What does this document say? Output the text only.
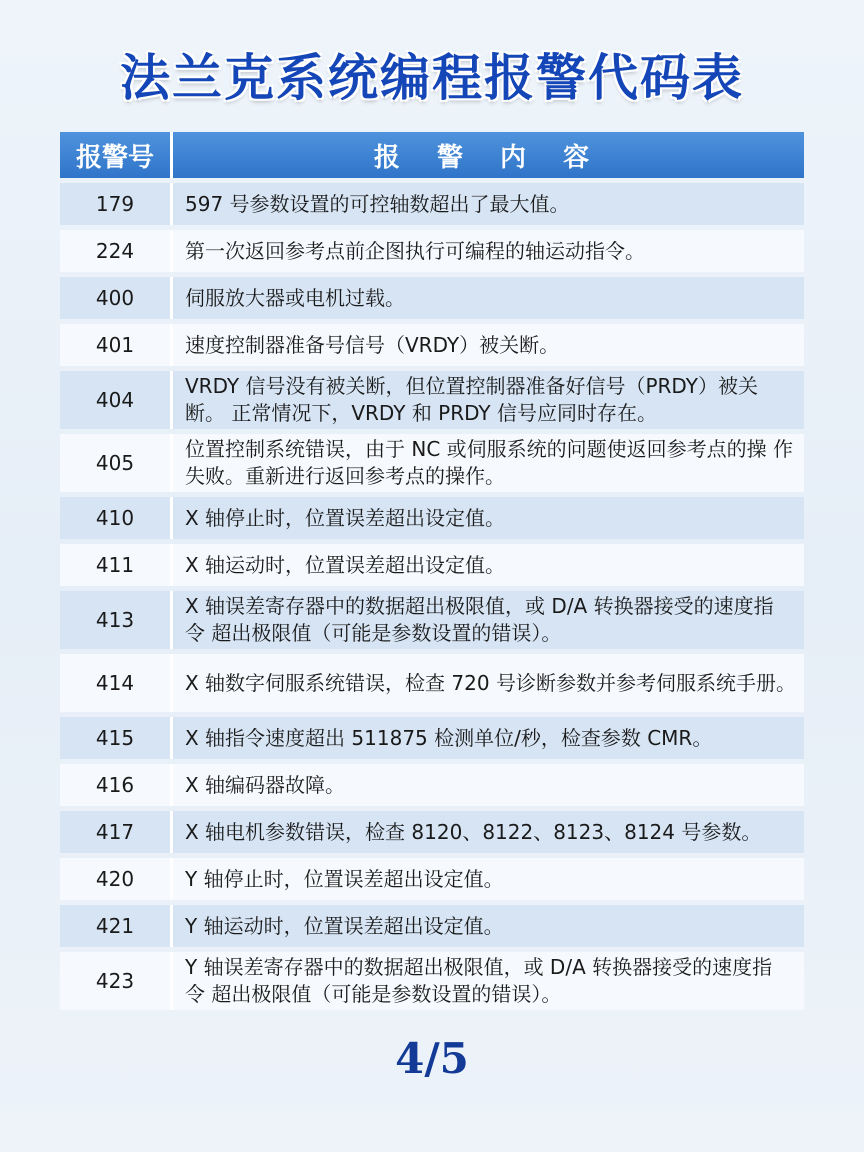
法兰克系统编程报警代码表
报警号	报 警 内 容
179	597 号参数设置的可控轴数超出了最大值。
224	第一次返回参考点前企图执行可编程的轴运动指令。
400	伺服放大器或电机过载。
401	速度控制器准备号信号（VRDY）被关断。
404	VRDY 信号没有被关断，但位置控制器准备好信号（PRDY）被关 断。 正常情况下，VRDY 和 PRDY 信号应同时存在。
405	位置控制系统错误，由于 NC 或伺服系统的问题使返回参考点的操 作失败。重新进行返回参考点的操作。
410	X 轴停止时，位置误差超出设定值。
411	X 轴运动时，位置误差超出设定值。
413	X 轴误差寄存器中的数据超出极限值，或 D/A 转换器接受的速度指 令 超出极限值（可能是参数设置的错误）。
414	X 轴数字伺服系统错误，检查 720 号诊断参数并参考伺服系统手册。
415	X 轴指令速度超出 511875 检测单位/秒，检查参数 CMR。
416	X 轴编码器故障。
417	X 轴电机参数错误，检查 8120、8122、8123、8124 号参数。
420	Y 轴停止时，位置误差超出设定值。
421	Y 轴运动时，位置误差超出设定值。
423	Y 轴误差寄存器中的数据超出极限值，或 D/A 转换器接受的速度指 令 超出极限值（可能是参数设置的错误）。
4/5
